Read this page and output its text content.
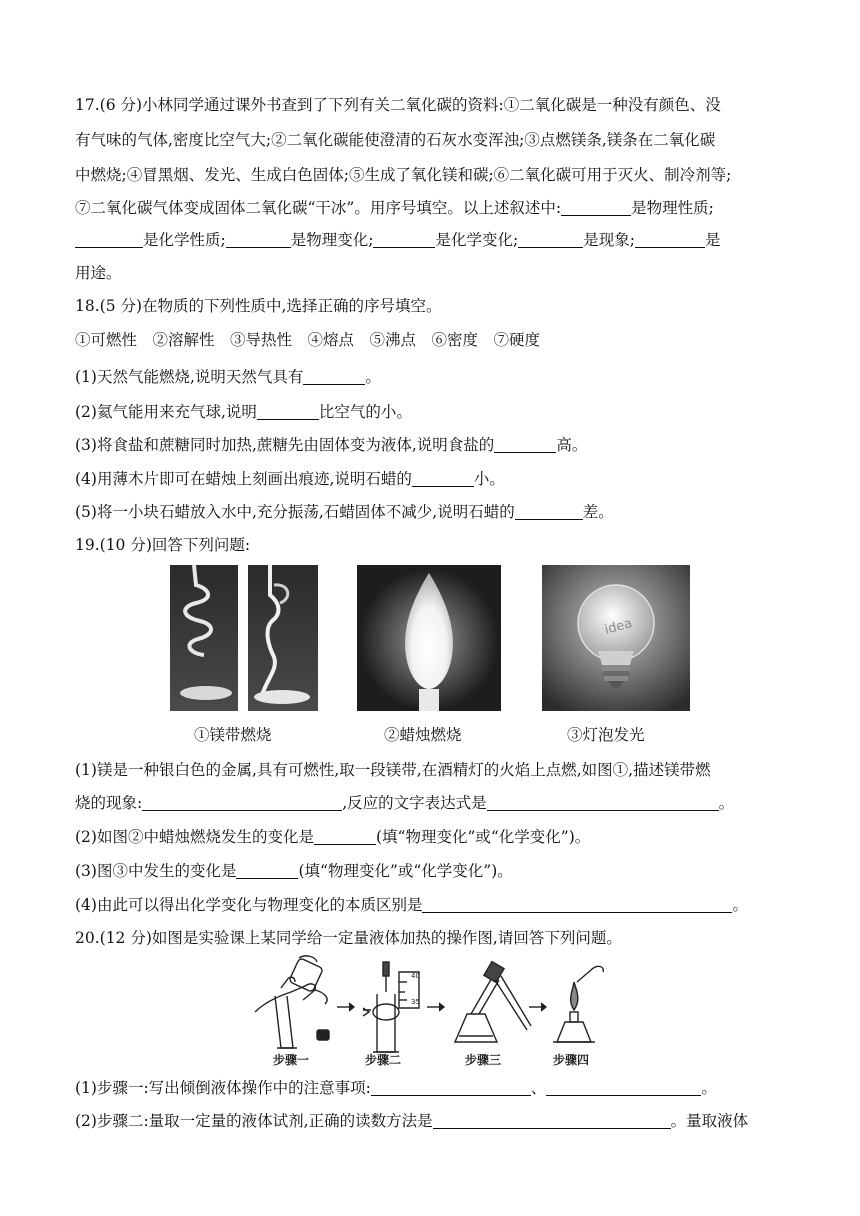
17.(6 分)小林同学通过课外书查到了下列有关二氧化碳的资料:①二氧化碳是一种没有颜色、没
有气味的气体,密度比空气大;②二氧化碳能使澄清的石灰水变浑浊;③点燃镁条,镁条在二氧化碳
中燃烧;④冒黑烟、发光、生成白色固体;⑤生成了氧化镁和碳;⑥二氧化碳可用于灭火、制冷剂等;
⑦二氧化碳气体变成固体二氧化碳“干冰”。用序号填空。以上述叙述中:	是物理性质;
是化学性质;	是物理变化;	是化学变化;	是现象;	是
用途。
18.(5 分)在物质的下列性质中,选择正确的序号填空。
①可燃性　②溶解性　③导热性　④熔点　⑤沸点　⑥密度　⑦硬度
(1)天然气能燃烧,说明天然气具有	。
(2)氦气能用来充气球,说明	比空气的小。
(3)将食盐和蔗糖同时加热,蔗糖先由固体变为液体,说明食盐的	高。
(4)用薄木片即可在蜡烛上刻画出痕迹,说明石蜡的	小。
(5)将一小块石蜡放入水中,充分振荡,石蜡固体不减少,说明石蜡的	差。
19.(10 分)回答下列问题:
idea
①镁带燃烧	②蜡烛燃烧	③灯泡发光
(1)镁是一种银白色的金属,具有可燃性,取一段镁带,在酒精灯的火焰上点燃,如图①,描述镁带燃
烧的现象:	,反应的文字表达式是	。
(2)如图②中蜡烛燃烧发生的变化是	(填“物理变化”或“化学变化”)。
(3)图③中发生的变化是	(填“物理变化”或“化学变化”)。
(4)由此可以得出化学变化与物理变化的本质区别是	。
20.(12 分)如图是实验课上某同学给一定量液体加热的操作图,请回答下列问题。
步骤一	步骤二	步骤三	步骤四
40
35
(1)步骤一:写出倾倒液体操作中的注意事项:	、	。
(2)步骤二:量取一定量的液体试剂,正确的读数方法是	。量取液体
